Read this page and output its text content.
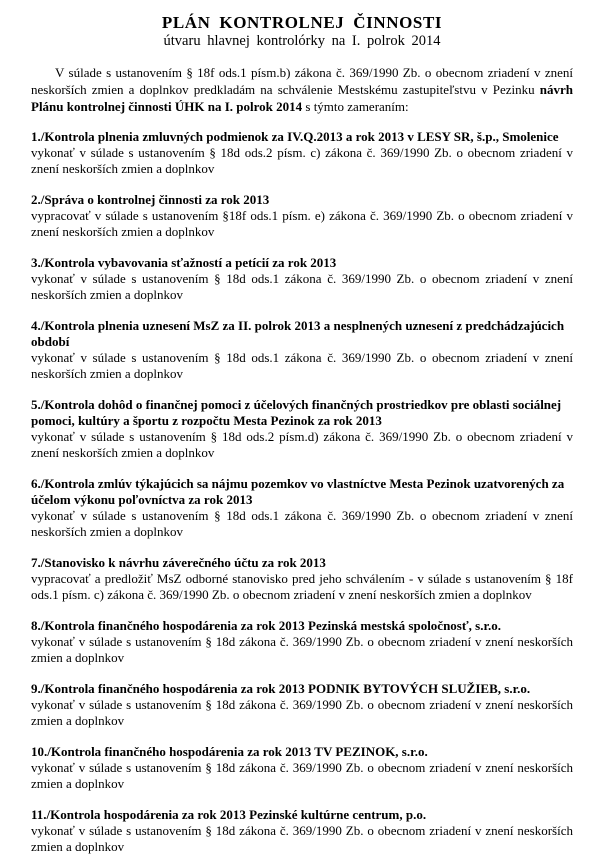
PLÁN KONTROLNEJ ČINNOSTI
útvaru hlavnej kontrolórky na I. polrok 2014

V súlade s ustanovením § 18f ods.1 písm.b) zákona č. 369/1990 Zb. o obecnom zriadení v znení neskorších zmien a doplnkov predkladám na schválenie Mestskému zastupiteľstvu v Pezinku návrh Plánu kontrolnej činnosti ÚHK na I. polrok 2014 s týmto zameraním:

1./Kontrola plnenia zmluvných podmienok za IV.Q.2013 a rok 2013 v LESY SR, š.p., Smolenice
vykonať v súlade s ustanovením § 18d ods.2 písm. c) zákona č. 369/1990 Zb. o obecnom zriadení v znení neskorších zmien a doplnkov
2./Správa o kontrolnej činnosti za rok 2013
vypracovať v súlade s ustanovením §18f ods.1 písm. e) zákona č. 369/1990 Zb. o obecnom zriadení v znení neskorších zmien a doplnkov
3./Kontrola vybavovania sťažností a petícií za rok 2013
vykonať v súlade s ustanovením § 18d ods.1 zákona č. 369/1990 Zb. o obecnom zriadení v znení neskorších zmien a doplnkov
4./Kontrola plnenia uznesení MsZ za II. polrok 2013 a nesplnených uznesení z predchádzajúcich období
vykonať v súlade s ustanovením § 18d ods.1 zákona č. 369/1990 Zb. o obecnom zriadení v znení neskorších zmien a doplnkov
5./Kontrola dohôd o finančnej pomoci z účelových finančných prostriedkov pre oblasti sociálnej pomoci, kultúry a športu z rozpočtu Mesta Pezinok za rok 2013
vykonať v súlade s ustanovením § 18d ods.2 písm.d) zákona č. 369/1990 Zb. o obecnom zriadení v znení neskorších zmien a doplnkov
6./Kontrola zmlúv týkajúcich sa nájmu pozemkov vo vlastníctve Mesta Pezinok uzatvorených za účelom výkonu poľovníctva za rok 2013
vykonať v súlade s ustanovením § 18d ods.1 zákona č. 369/1990 Zb. o obecnom zriadení v znení neskorších zmien a doplnkov
7./Stanovisko k návrhu záverečného účtu za rok 2013
vypracovať a predložiť MsZ odborné stanovisko pred jeho schválením - v súlade s ustanovením § 18f ods.1 písm. c) zákona č. 369/1990 Zb. o obecnom zriadení v znení neskorších zmien a doplnkov
8./Kontrola finančného hospodárenia za rok 2013 Pezinská mestská spoločnosť, s.r.o.
vykonať v súlade s ustanovením § 18d zákona č. 369/1990 Zb. o obecnom zriadení v znení neskorších zmien a doplnkov
9./Kontrola finančného hospodárenia za rok 2013 PODNIK BYTOVÝCH SLUŽIEB, s.r.o.
vykonať v súlade s ustanovením § 18d zákona č. 369/1990 Zb. o obecnom zriadení v znení neskorších zmien a doplnkov
10./Kontrola finančného hospodárenia za rok 2013 TV PEZINOK, s.r.o.
vykonať v súlade s ustanovením § 18d zákona č. 369/1990 Zb. o obecnom zriadení v znení neskorších zmien a doplnkov
11./Kontrola hospodárenia za rok 2013 Pezinské kultúrne centrum, p.o.
vykonať v súlade s ustanovením § 18d zákona č. 369/1990 Zb. o obecnom zriadení v znení neskorších zmien a doplnkov
